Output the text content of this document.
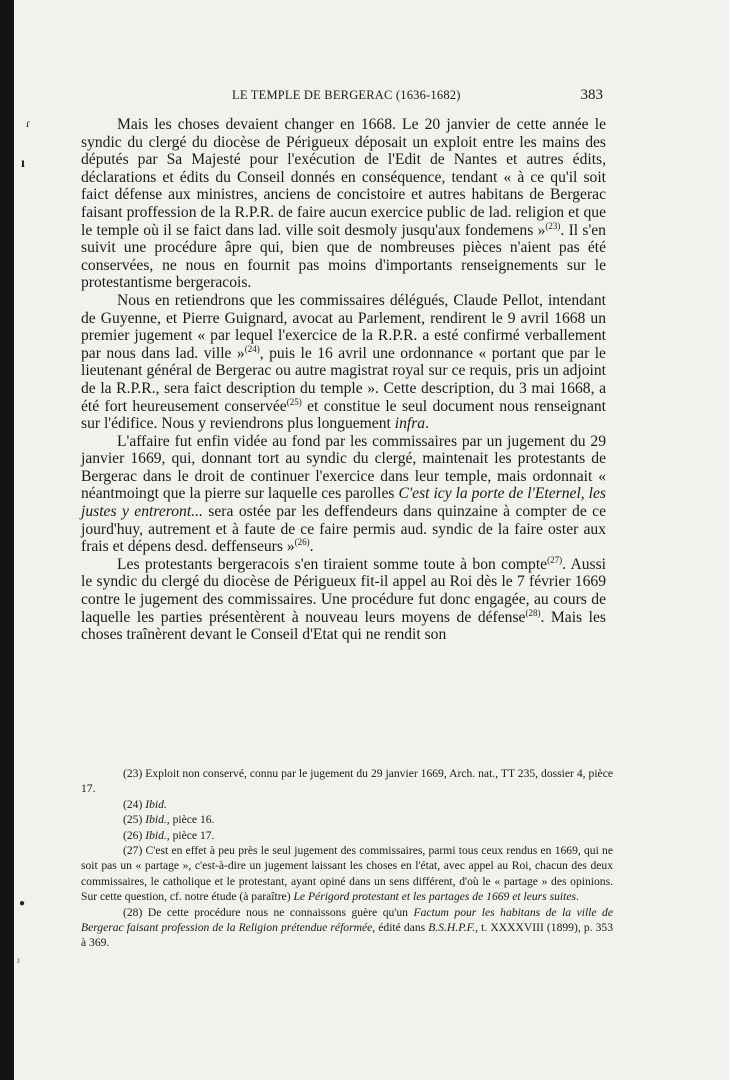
LE TEMPLE DE BERGERAC (1636-1682)	383
ɾ
ı
●
ˀ

Mais les choses devaient changer en 1668. Le 20 janvier de cette année le syndic du clergé du diocèse de Périgueux déposait un exploit entre les mains des députés par Sa Majesté pour l'exécution de l'Edit de Nantes et autres édits, déclarations et édits du Conseil donnés en conséquence, tendant « à ce qu'il soit faict défense aux ministres, anciens de concistoire et autres habitans de Bergerac faisant proffession de la R.P.R. de faire aucun exercice public de lad. religion et que le temple où il se faict dans lad. ville soit desmoly jusqu'aux fondemens »$^{(23)}$. Il s'en suivit une procédure âpre qui, bien que de nombreuses pièces n'aient pas été conservées, ne nous en fournit pas moins d'importants renseignements sur le protestantisme bergeracois.

Nous en retiendrons que les commissaires délégués, Claude Pellot, intendant de Guyenne, et Pierre Guignard, avocat au Parlement, rendirent le 9 avril 1668 un premier jugement « par lequel l'exercice de la R.P.R. a esté confirmé verballement par nous dans lad. ville »$^{(24)}$, puis le 16 avril une ordonnance « portant que par le lieutenant général de Bergerac ou autre magistrat royal sur ce requis, pris un adjoint de la R.P.R., sera faict description du temple ». Cette description, du 3 mai 1668, a été fort heureusement conservée$^{(25)}$ et constitue le seul document nous renseignant sur l'édifice. Nous y reviendrons plus longuement infra.

L'affaire fut enfin vidée au fond par les commissaires par un jugement du 29 janvier 1669, qui, donnant tort au syndic du clergé, maintenait les protestants de Bergerac dans le droit de continuer l'exercice dans leur temple, mais ordonnait « néantmoingt que la pierre sur laquelle ces parolles C'est icy la porte de l'Eternel, les justes y entreront... sera ostée par les deffendeurs dans quinzaine à compter de ce jourd'huy, autrement et à faute de ce faire permis aud. syndic de la faire oster aux frais et dépens desd. deffenseurs »$^{(26)}$.

Les protestants bergeracois s'en tiraient somme toute à bon compte$^{(27)}$. Aussi le syndic du clergé du diocèse de Périgueux fit-il appel au Roi dès le 7 février 1669 contre le jugement des commissaires. Une procédure fut donc engagée, au cours de laquelle les parties présentèrent à nouveau leurs moyens de défense$^{(28)}$. Mais les choses traînèrent devant le Conseil d'Etat qui ne rendit son

(23) Exploit non conservé, connu par le jugement du 29 janvier 1669, Arch. nat., TT 235, dossier 4, pièce 17.

(24) Ibid.

(25) Ibid., pièce 16.

(26) Ibid., pièce 17.

(27) C'est en effet à peu près le seul jugement des commissaires, parmi tous ceux rendus en 1669, qui ne soit pas un « partage », c'est-à-dire un jugement laissant les choses en l'état, avec appel au Roi, chacun des deux commissaires, le catholique et le protestant, ayant opiné dans un sens différent, d'où le « partage » des opinions. Sur cette question, cf. notre étude (à paraître) Le Périgord protestant et les partages de 1669 et leurs suites.

(28) De cette procédure nous ne connaissons guère qu'un Factum pour les habitans de la ville de Bergerac faisant profession de la Religion prétendue réformée, édité dans B.S.H.P.F., t. XXXXVIII (1899), p. 353 à 369.
